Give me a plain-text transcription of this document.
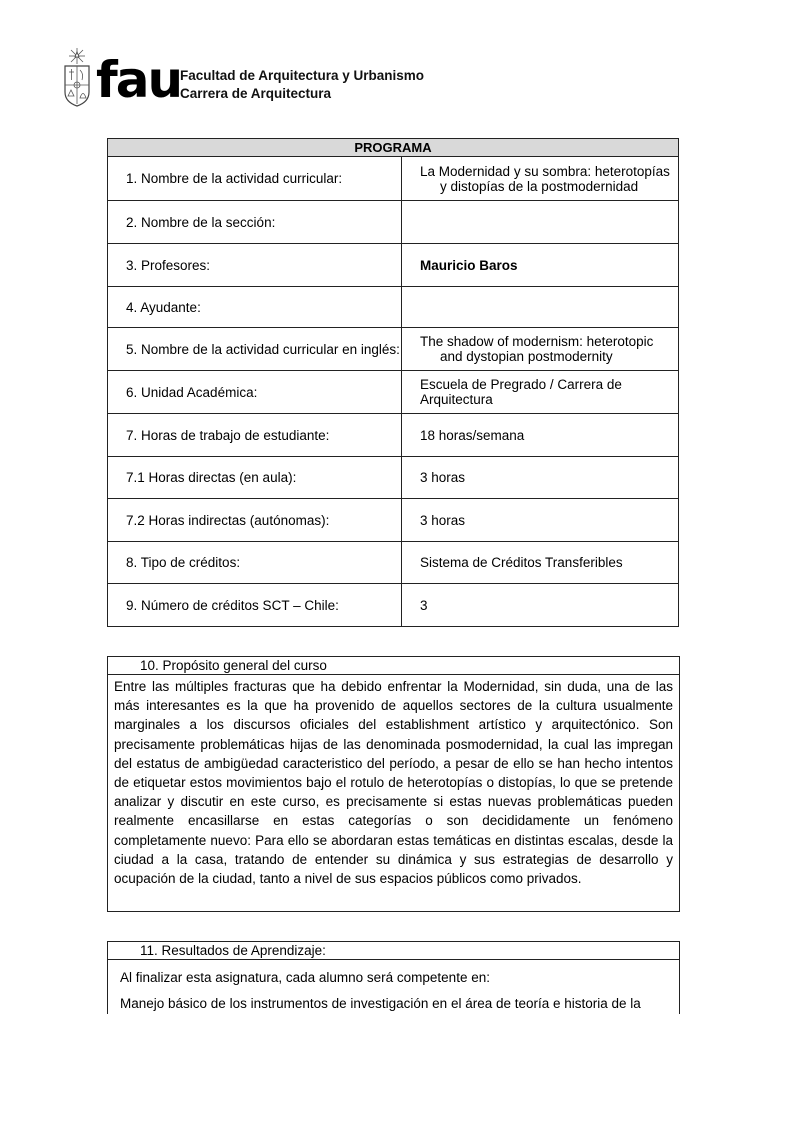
fau
Facultad de Arquitectura y Urbanismo
Carrera de Arquitectura
PROGRAMA	

1. Nombre de la actividad curricular:	La Modernidad y su sombra: heterotopías y distopías de la postmodernidad

2. Nombre de la sección:	

3. Profesores:	Mauricio Baros

4. Ayudante:	

5. Nombre de la actividad curricular en inglés:	The shadow of modernism: heterotopic and dystopian postmodernity

6. Unidad Académica:	Escuela de Pregrado / Carrera de Arquitectura

7. Horas de trabajo de estudiante:	18 horas/semana

7.1 Horas directas (en aula):	3 horas

7.2 Horas indirectas (autónomas):	3 horas

8. Tipo de créditos:	Sistema de Créditos Transferibles

9. Número de créditos SCT – Chile:	3
10. Propósito general del curso
Entre las múltiples fracturas que ha debido enfrentar la Modernidad, sin duda, una de las más interesantes es la que ha provenido de aquellos sectores de la cultura usualmente marginales a los discursos oficiales del establishment artístico y arquitectónico. Son precisamente problemáticas hijas de las denominada posmodernidad, la cual las impregan del estatus de ambigüedad caracteristico del período, a pesar de ello se han hecho intentos de etiquetar estos movimientos bajo el rotulo de heterotopías o distopías, lo que se pretende analizar y discutir en este curso, es precisamente si estas nuevas problemáticas pueden realmente encasillarse en estas categorías o son decididamente un fenómeno completamente nuevo: Para ello se abordaran estas temáticas en distintas escalas, desde la ciudad a la casa, tratando de entender su dinámica y sus estrategias de desarrollo y ocupación de la ciudad, tanto a nivel de sus espacios públicos como privados.
11. Resultados de Aprendizaje:
Al finalizar esta asignatura, cada alumno será competente en:
Manejo básico de los instrumentos de investigación en el área de teoría e historia de la
